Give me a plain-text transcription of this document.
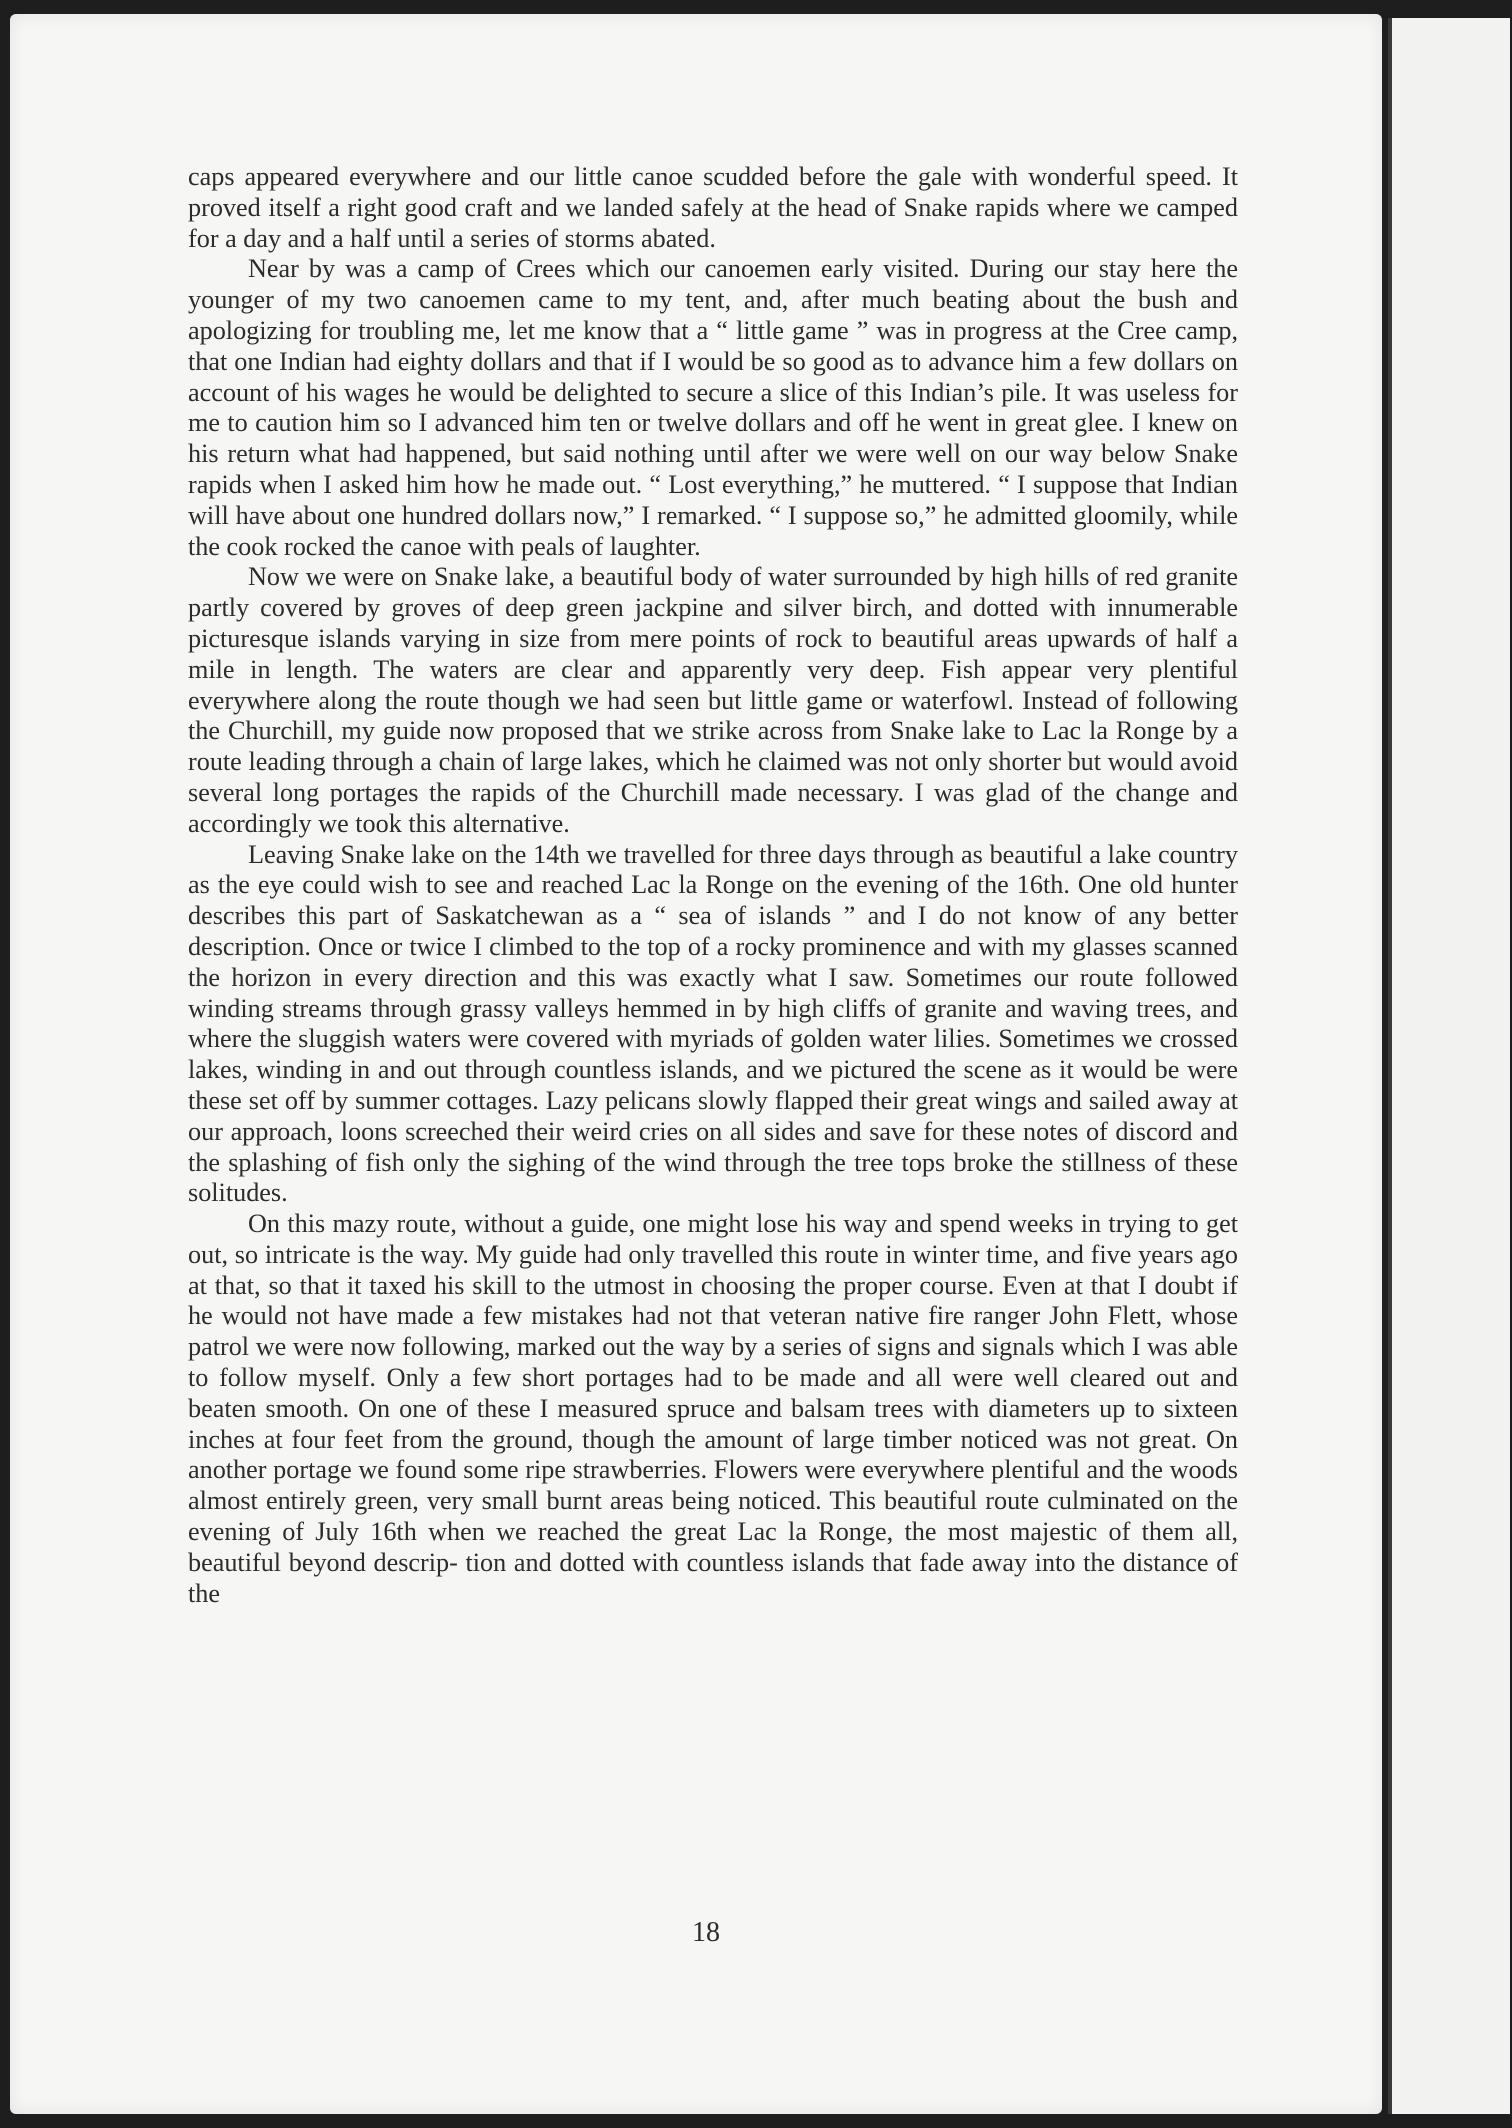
caps appeared everywhere and our little canoe scudded before the gale with wonderful speed. It proved itself a right good craft and we landed safely at the head of Snake rapids where we camped for a day and a half until a series of storms abated.

Near by was a camp of Crees which our canoemen early visited. During our stay here the younger of my two canoemen came to my tent, and, after much beating about the bush and apologizing for troubling me, let me know that a “ little game ” was in progress at the Cree camp, that one Indian had eighty dollars and that if I would be so good as to advance him a few dollars on account of his wages he would be delighted to secure a slice of this Indian’s pile. It was useless for me to caution him so I advanced him ten or twelve dollars and off he went in great glee. I knew on his return what had happened, but said nothing until after we were well on our way below Snake rapids when I asked him how he made out. “ Lost everything,” he muttered. “ I suppose that Indian will have about one hundred dollars now,” I remarked. “ I suppose so,” he admitted gloomily, while the cook rocked the canoe with peals of laughter.

Now we were on Snake lake, a beautiful body of water surrounded by high hills of red granite partly covered by groves of deep green jackpine and silver birch, and dotted with innumerable picturesque islands varying in size from mere points of rock to beautiful areas upwards of half a mile in length. The waters are clear and apparently very deep. Fish appear very plentiful everywhere along the route though we had seen but little game or waterfowl. Instead of following the Churchill, my guide now proposed that we strike across from Snake lake to Lac la Ronge by a route leading through a chain of large lakes, which he claimed was not only shorter but would avoid several long portages the rapids of the Churchill made necessary. I was glad of the change and accordingly we took this alternative.

Leaving Snake lake on the 14th we travelled for three days through as beautiful a lake country as the eye could wish to see and reached Lac la Ronge on the evening of the 16th. One old hunter describes this part of Saskatchewan as a “ sea of islands ” and I do not know of any better description. Once or twice I climbed to the top of a rocky prominence and with my glasses scanned the horizon in every direction and this was exactly what I saw. Sometimes our route followed winding streams through grassy valleys hemmed in by high cliffs of granite and waving trees, and where the sluggish waters were covered with myriads of golden water lilies. Sometimes we crossed lakes, winding in and out through countless islands, and we pictured the scene as it would be were these set off by summer cottages. Lazy pelicans slowly flapped their great wings and sailed away at our approach, loons screeched their weird cries on all sides and save for these notes of discord and the splashing of fish only the sighing of the wind through the tree tops broke the stillness of these solitudes.

On this mazy route, without a guide, one might lose his way and spend weeks in trying to get out, so intricate is the way. My guide had only travelled this route in winter time, and five years ago at that, so that it taxed his skill to the utmost in choosing the proper course. Even at that I doubt if he would not have made a few mistakes had not that veteran native fire ranger John Flett, whose patrol we were now following, marked out the way by a series of signs and signals which I was able to follow myself. Only a few short portages had to be made and all were well cleared out and beaten smooth. On one of these I measured spruce and balsam trees with diameters up to sixteen inches at four feet from the ground, though the amount of large timber noticed was not great. On another portage we found some ripe strawberries. Flowers were everywhere plentiful and the woods almost entirely green, very small burnt areas being noticed. This beautiful route culminated on the evening of July 16th when we reached the great Lac la Ronge, the most majestic of them all, beautiful beyond descrip- tion and dotted with countless islands that fade away into the distance of the

18
